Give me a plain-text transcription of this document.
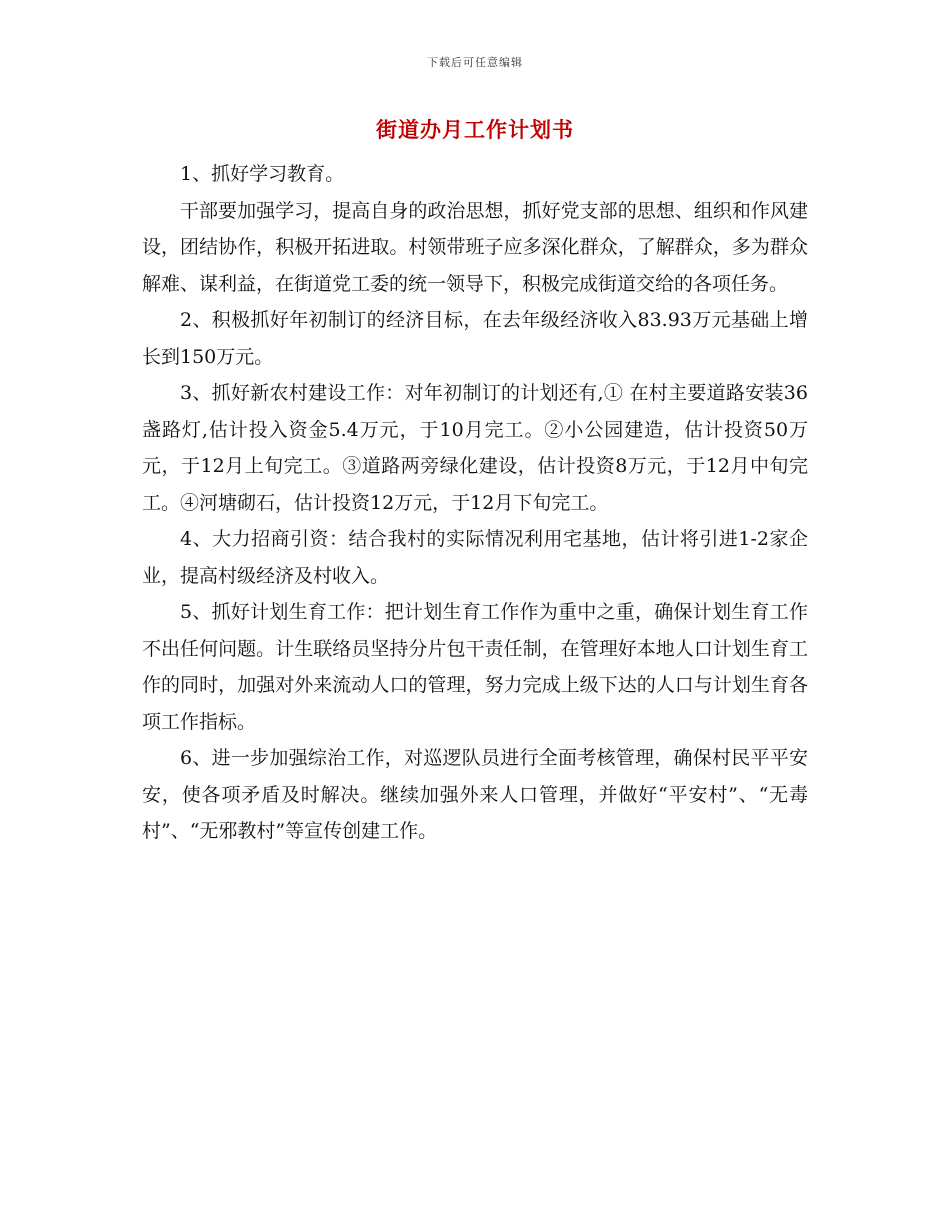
下载后可任意编辑
街道办月工作计划书

1、抓好学习教育。

干部要加强学习，提高自身的政治思想，抓好党支部的思想、组织和作风建设，团结协作，积极开拓进取。村领带班子应多深化群众，了解群众，多为群众解难、谋利益，在街道党工委的统一领导下，积极完成街道交给的各项任务。

2、积极抓好年初制订的经济目标，在去年级经济收入83.93万元基础上增长到150万元。

3、抓好新农村建设工作：对年初制订的计划还有,① 在村主要道路安装36盏路灯,估计投入资金5.4万元，于10月完工。②小公园建造，估计投资50万元，于12月上旬完工。③道路两旁绿化建设，估计投资8万元，于12月中旬完工。④河塘砌石，估计投资12万元，于12月下旬完工。

4、大力招商引资：结合我村的实际情况利用宅基地，估计将引进1-2家企业，提高村级经济及村收入。

5、抓好计划生育工作：把计划生育工作作为重中之重，确保计划生育工作不出任何问题。计生联络员坚持分片包干责任制，在管理好本地人口计划生育工作的同时，加强对外来流动人口的管理，努力完成上级下达的人口与计划生育各项工作指标。

6、进一步加强综治工作，对巡逻队员进行全面考核管理，确保村民平平安安，使各项矛盾及时解决。继续加强外来人口管理，并做好“平安村”、“无毒村”、“无邪教村”等宣传创建工作。
